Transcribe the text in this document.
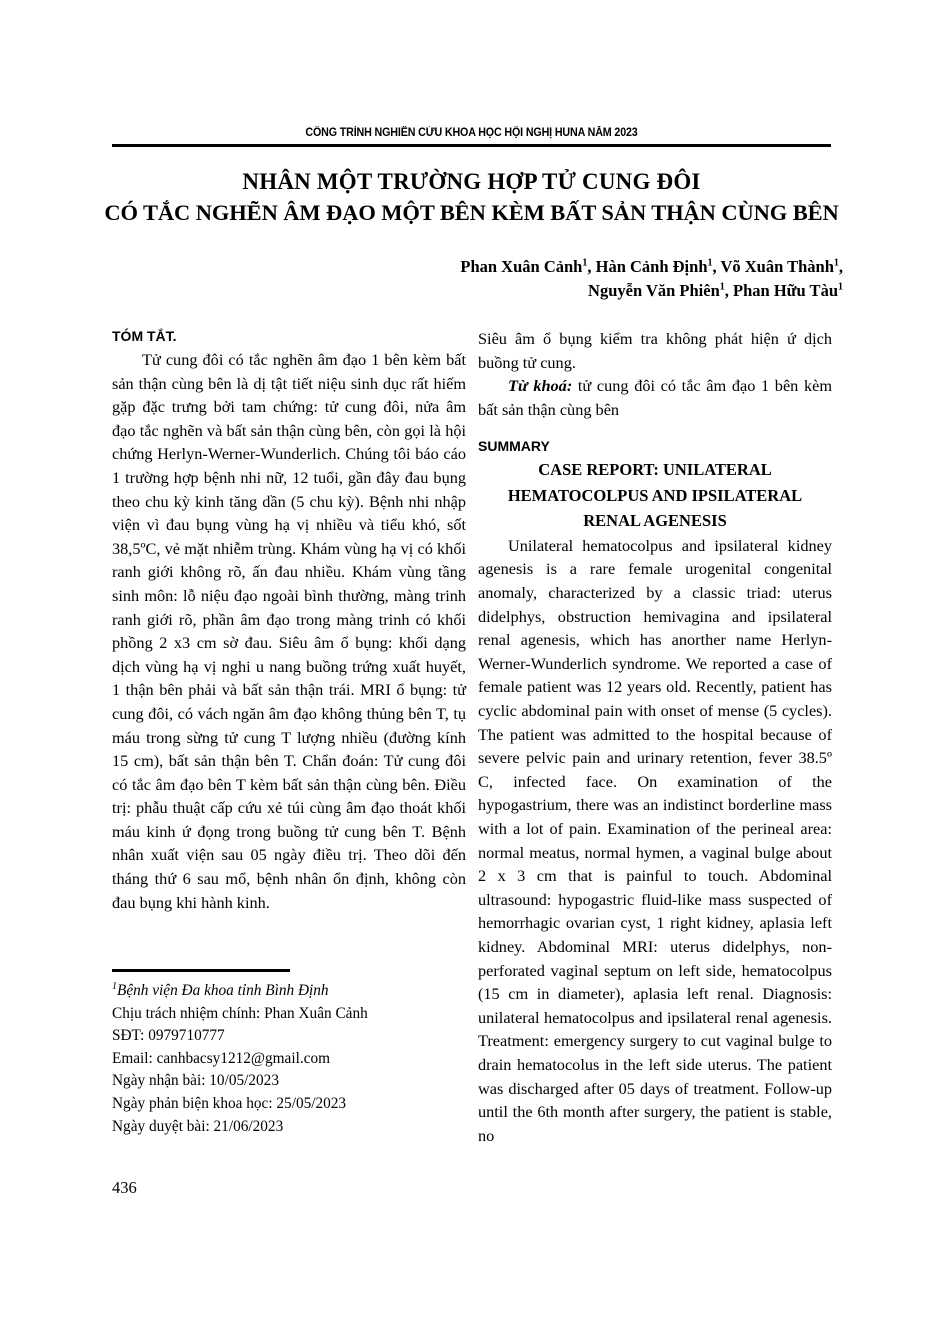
CÔNG TRÌNH NGHIÊN CỨU KHOA HỌC HỘI NGHỊ HUNA NĂM 2023
NHÂN MỘT TRƯỜNG HỢP TỬ CUNG ĐÔI
CÓ TẮC NGHẼN ÂM ĐẠO MỘT BÊN KÈM BẤT SẢN THẬN CÙNG BÊN
Phan Xuân Cảnh$^1$, Hàn Cảnh Định$^1$, Võ Xuân Thành$^1$,
Nguyễn Văn Phiên$^1$, Phan Hữu Tàu$^1$
TÓM TẮT.

Tử cung đôi có tắc nghẽn âm đạo 1 bên kèm bất sản thận cùng bên là dị tật tiết niệu sinh dục rất hiếm gặp đặc trưng bởi tam chứng: tử cung đôi, nửa âm đạo tắc nghẽn và bất sản thận cùng bên, còn gọi là hội chứng Herlyn-Werner-Wunderlich. Chúng tôi báo cáo 1 trường hợp bệnh nhi nữ, 12 tuổi, gần đây đau bụng theo chu kỳ kinh tăng dần (5 chu kỳ). Bệnh nhi nhập viện vì đau bụng vùng hạ vị nhiều và tiểu khó, sốt 38,5ºC, vẻ mặt nhiễm trùng. Khám vùng hạ vị có khối ranh giới không rõ, ấn đau nhiều. Khám vùng tầng sinh môn: lỗ niệu đạo ngoài bình thường, màng trinh ranh giới rõ, phần âm đạo trong màng trinh có khối phồng 2 x3 cm sờ đau. Siêu âm ổ bụng: khối dạng dịch vùng hạ vị nghi u nang buồng trứng xuất huyết, 1 thận bên phải và bất sản thận trái. MRI ổ bụng: tử cung đôi, có vách ngăn âm đạo không thủng bên T, tụ máu trong sừng tử cung T lượng nhiều (đường kính 15 cm), bất sản thận bên T. Chẩn đoán: Tử cung đôi có tắc âm đạo bên T kèm bất sản thận cùng bên. Điều trị: phẫu thuật cấp cứu xẻ túi cùng âm đạo thoát khối máu kinh ứ đọng trong buồng tử cung bên T. Bệnh nhân xuất viện sau 05 ngày điều trị. Theo dõi đến tháng thứ 6 sau mổ, bệnh nhân ổn định, không còn đau bụng khi hành kinh.

Siêu âm ổ bụng kiểm tra không phát hiện ứ dịch buồng tử cung.

Từ khoá: tử cung đôi có tắc âm đạo 1 bên kèm bất sản thận cùng bên

SUMMARY
CASE REPORT: UNILATERAL
HEMATOCOLPUS AND IPSILATERAL
RENAL AGENESIS

Unilateral hematocolpus and ipsilateral kidney agenesis is a rare female urogenital congenital anomaly, characterized by a classic triad: uterus didelphys, obstruction hemivagina and ipsilateral renal agenesis, which has anorther name Herlyn-Werner-Wunderlich syndrome. We reported a case of female patient was 12 years old. Recently, patient has cyclic abdominal pain with onset of mense (5 cycles). The patient was admitted to the hospital because of severe pelvic pain and urinary retention, fever 38.5º C, infected face. On examination of the hypogastrium, there was an indistinct borderline mass with a lot of pain. Examination of the perineal area: normal meatus, normal hymen, a vaginal bulge about 2 x 3 cm that is painful to touch. Abdominal ultrasound: hypogastric fluid-like mass suspected of hemorrhagic ovarian cyst, 1 right kidney, aplasia left kidney. Abdominal MRI: uterus didelphys, non-perforated vaginal septum on left side, hematocolpus (15 cm in diameter), aplasia left renal. Diagnosis: unilateral hematocolpus and ipsilateral renal agenesis. Treatment: emergency surgery to cut vaginal bulge to drain hematocolus in the left side uterus. The patient was discharged after 05 days of treatment. Follow-up until the 6th month after surgery, the patient is stable, no

$^1$Bệnh viện Đa khoa tỉnh Bình Định
Chịu trách nhiệm chính: Phan Xuân Cảnh
SĐT: 0979710777
Email: canhbacsy1212@gmail.com
Ngày nhận bài: 10/05/2023
Ngày phản biện khoa học: 25/05/2023
Ngày duyệt bài: 21/06/2023
436
